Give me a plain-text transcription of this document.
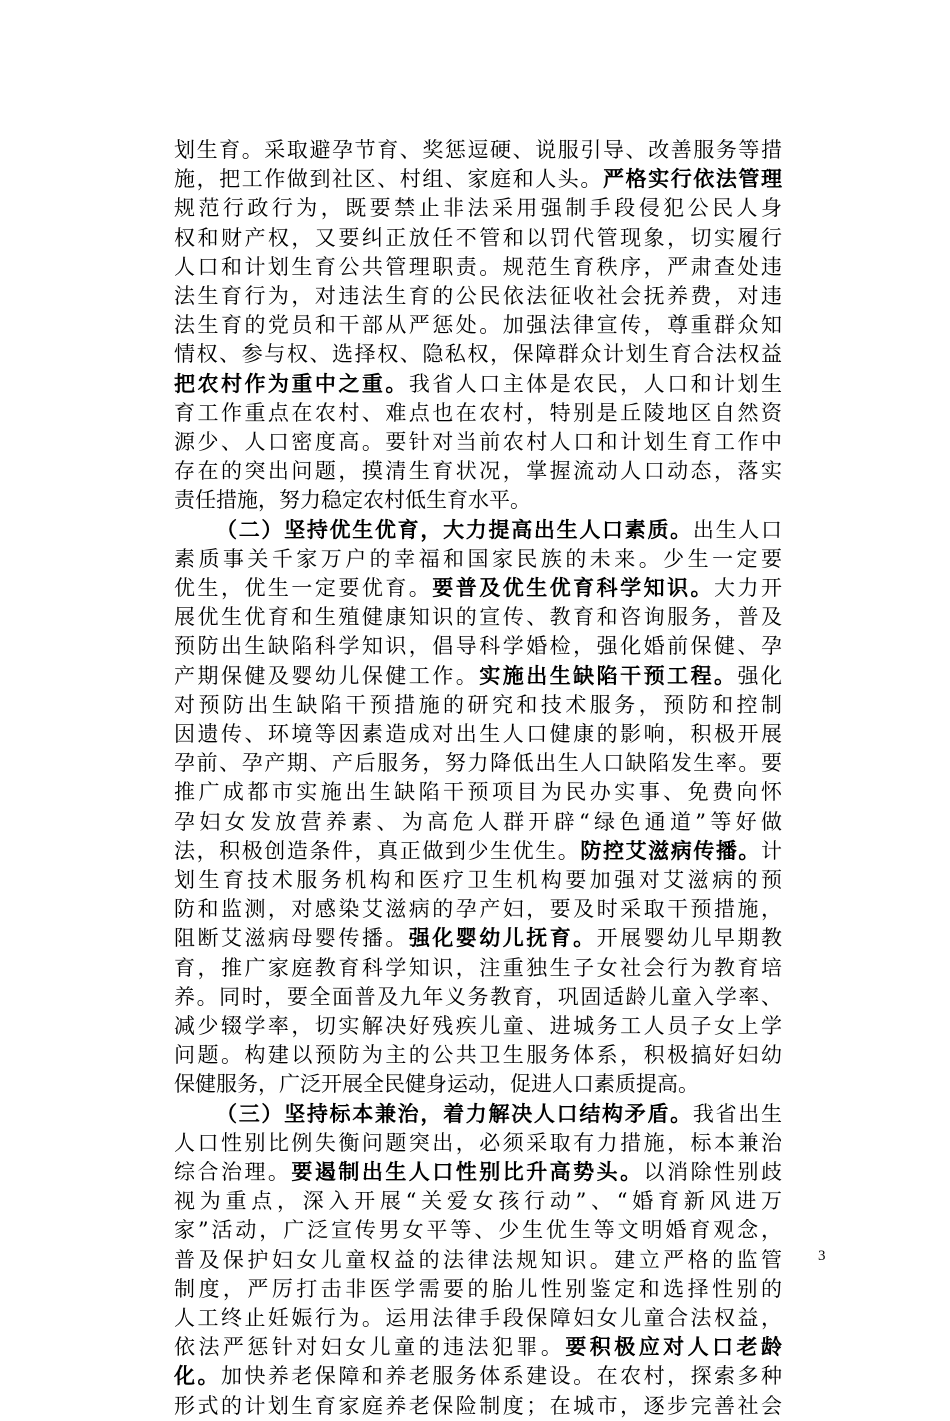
划生育。采取避孕节育、奖惩逗硬、说服引导、改善服务等措
施，把工作做到社区、村组、家庭和人头。严格实行依法管理
规范行政行为，既要禁止非法采用强制手段侵犯公民人身
权和财产权，又要纠正放任不管和以罚代管现象，切实履行
人口和计划生育公共管理职责。规范生育秩序，严肃查处违
法生育行为，对违法生育的公民依法征收社会抚养费，对违
法生育的党员和干部从严惩处。加强法律宣传，尊重群众知
情权、参与权、选择权、隐私权，保障群众计划生育合法权益
把农村作为重中之重。我省人口主体是农民，人口和计划生
育工作重点在农村、难点也在农村，特别是丘陵地区自然资
源少、人口密度高。要针对当前农村人口和计划生育工作中
存在的突出问题，摸清生育状况，掌握流动人口动态，落实
责任措施，努力稳定农村低生育水平。
（二）坚持优生优育，大力提高出生人口素质。出生人口
素质事关千家万户的幸福和国家民族的未来。少生一定要
优生，优生一定要优育。要普及优生优育科学知识。大力开
展优生优育和生殖健康知识的宣传、教育和咨询服务，普及
预防出生缺陷科学知识，倡导科学婚检，强化婚前保健、孕
产期保健及婴幼儿保健工作。实施出生缺陷干预工程。强化
对预防出生缺陷干预措施的研究和技术服务，预防和控制
因遗传、环境等因素造成对出生人口健康的影响，积极开展
孕前、孕产期、产后服务，努力降低出生人口缺陷发生率。要
推广成都市实施出生缺陷干预项目为民办实事、免费向怀
孕妇女发放营养素、为高危人群开辟“绿色通道”等好做
法，积极创造条件，真正做到少生优生。防控艾滋病传播。计
划生育技术服务机构和医疗卫生机构要加强对艾滋病的预
防和监测，对感染艾滋病的孕产妇，要及时采取干预措施，
阻断艾滋病母婴传播。强化婴幼儿抚育。开展婴幼儿早期教
育，推广家庭教育科学知识，注重独生子女社会行为教育培
养。同时，要全面普及九年义务教育，巩固适龄儿童入学率、
减少辍学率，切实解决好残疾儿童、进城务工人员子女上学
问题。构建以预防为主的公共卫生服务体系，积极搞好妇幼
保健服务，广泛开展全民健身运动，促进人口素质提高。
（三）坚持标本兼治，着力解决人口结构矛盾。我省出生
人口性别比例失衡问题突出，必须采取有力措施，标本兼治
综合治理。要遏制出生人口性别比升高势头。以消除性别歧
视为重点，深入开展“关爱女孩行动”、“婚育新风进万
家”活动，广泛宣传男女平等、少生优生等文明婚育观念，
普及保护妇女儿童权益的法律法规知识。建立严格的监管
制度，严厉打击非医学需要的胎儿性别鉴定和选择性别的
人工终止妊娠行为。运用法律手段保障妇女儿童合法权益，
依法严惩针对妇女儿童的违法犯罪。要积极应对人口老龄
化。加快养老保障和养老服务体系建设。在农村，探索多种
形式的计划生育家庭养老保险制度；在城市，逐步完善社会
3
